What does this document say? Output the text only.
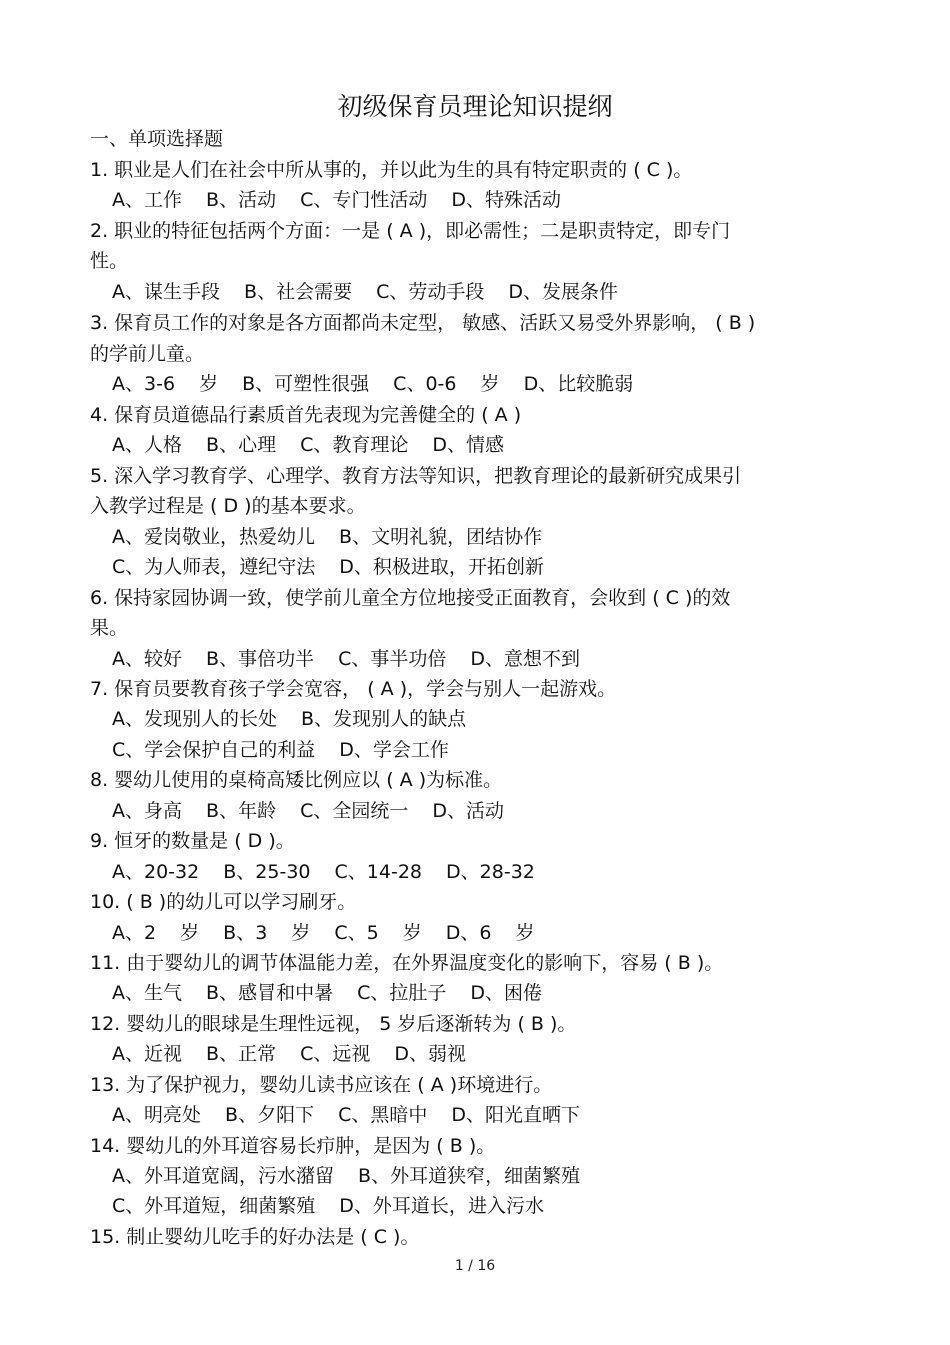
初级保育员理论知识提纲
一、单项选择题
1. 职业是人们在社会中所从事的，并以此为生的具有特定职责的 ( C )。
A、工作 B、活动 C、专门性活动 D、特殊活动
2. 职业的特征包括两个方面：一是 ( A )，即必需性；二是职责特定，即专门
性。
A、谋生手段 B、社会需要 C、劳动手段 D、发展条件
3. 保育员工作的对象是各方面都尚未定型， 敏感、活跃又易受外界影响， ( B )
的学前儿童。
A、3-6 岁 B、可塑性很强 C、0-6 岁 D、比较脆弱
4. 保育员道德品行素质首先表现为完善健全的 ( A )
A、人格 B、心理 C、教育理论 D、情感
5. 深入学习教育学、心理学、教育方法等知识，把教育理论的最新研究成果引
入教学过程是 ( D )的基本要求。
A、爱岗敬业，热爱幼儿 B、文明礼貌，团结协作
C、为人师表，遵纪守法 D、积极进取，开拓创新
6. 保持家园协调一致，使学前儿童全方位地接受正面教育，会收到 ( C )的效
果。
A、较好 B、事倍功半 C、事半功倍 D、意想不到
7. 保育员要教育孩子学会宽容， ( A )，学会与别人一起游戏。
A、发现别人的长处 B、发现别人的缺点
C、学会保护自己的利益 D、学会工作
8. 婴幼儿使用的桌椅高矮比例应以 ( A )为标准。
A、身高 B、年龄 C、全园统一 D、活动
9. 恒牙的数量是 ( D )。
A、20-32 B、25-30 C、14-28 D、28-32
10. ( B )的幼儿可以学习刷牙。
A、2 岁 B、3 岁 C、5 岁 D、6 岁
11. 由于婴幼儿的调节体温能力差，在外界温度变化的影响下，容易 ( B )。
A、生气 B、感冒和中暑 C、拉肚子 D、困倦
12. 婴幼儿的眼球是生理性远视， 5 岁后逐渐转为 ( B )。
A、近视 B、正常 C、远视 D、弱视
13. 为了保护视力，婴幼儿读书应该在 ( A )环境进行。
A、明亮处 B、夕阳下 C、黑暗中 D、阳光直晒下
14. 婴幼儿的外耳道容易长疖肿，是因为 ( B )。
A、外耳道宽阔，污水潴留 B、外耳道狭窄，细菌繁殖
C、外耳道短，细菌繁殖 D、外耳道长，进入污水
15. 制止婴幼儿吃手的好办法是 ( C )。
1 / 16
